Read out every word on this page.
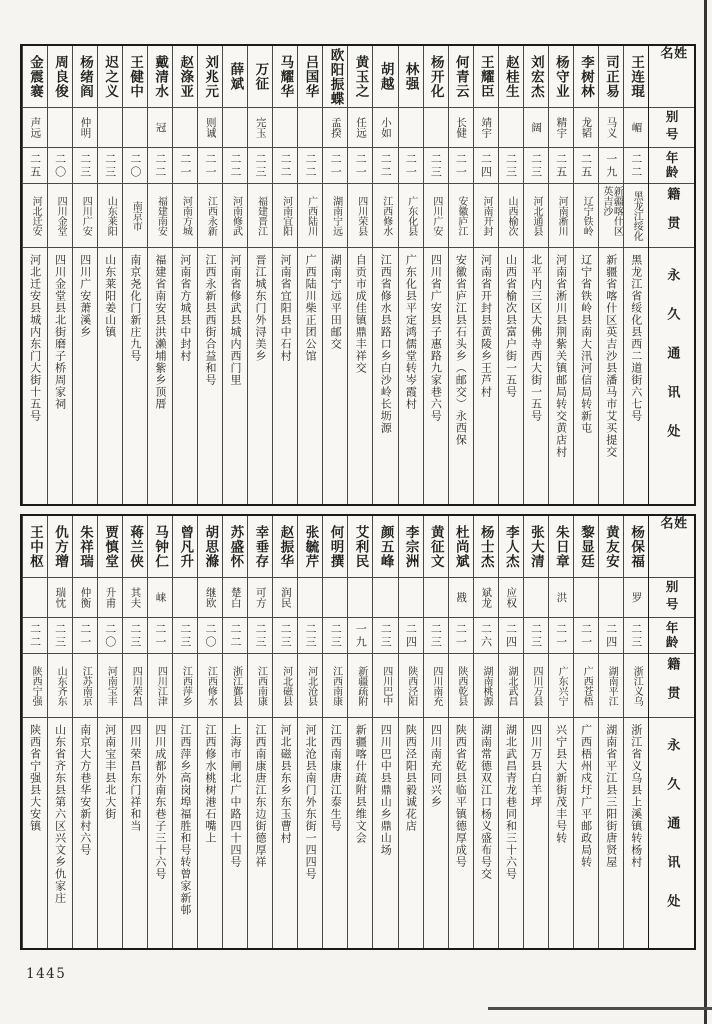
姓名
别号
年龄
籍贯
永久通讯处
王连琨
嵋
二二
黑龙江绥化
黑龙江省绥化县西二道街六七号
司正易
马义
一九
新疆喀什区英吉沙
新疆省喀什区英吉沙县潘马市艾买提交
李树林
龙韬
二五
辽宁铁岭
辽宁省铁岭县南大汛河信局转新屯
杨守业
精宇
二五
河南淅川
河南省淅川县荆紫关镇邮局转交黄店村
刘宏杰
阔
二三
河北通县
北平内三区大佛寺西大街一五号
赵桂生
二三
山西榆次
山西省榆次县富户街一五号
王耀臣
靖宇
二四
河南开封
河南省开封县黄陵乡王芦村
何青云
长健
二一
安徽庐江
安徽省庐江县石头乡（邮交）永西保
杨开化
二三
四川广安
四川省广安县子惠路九家巷六号
林强
二一
广东化县
广东化县平定鸿儒堂转岑霞村
胡越
小如
二二
江西修水
江西省修水县路口乡白沙岭长坜源
黄玉之
任远
二一
四川荣县
自贡市成佳镇鼎丰祥交
欧阳振蝶
孟揆
二一
湖南宁远
湖南宁远平田邮交
吕国华
二二
广西陆川
广西陆川柴正团公馆
马耀华
二二
河南宜阳
河南省宜阳县中石村
万征
完玉
二三
福建晋江
晋江城东门外浔美乡
薛斌
二二
河南修武
河南省修武县城内西门里
刘兆元
则诚
二一
江西永新
江西永新县西街合益和号
赵涤亚
二一
河南方城
河南省方城县中封村
戴清水
冠
二二
福建南安
福建省南安县洪濑埔紫乡顶厝
王健中
二〇
南京市
南京尧化门新庄九号
迟之义
二三
山东莱阳
山东莱阳姜山镇
杨绪阎
仲明
二三
四川广安
四川广安萧溪乡
周良俊
二〇
四川金堂
四川金堂县北街磨子桥周家祠
金震褰
声远
二五
河北迁安
河北迁安县城内东门大街十五号
姓名
别号
年龄
籍贯
永久通讯处
杨保福
罗
二三
浙江义乌
浙江省义乌县上溪镇转杨村
黄友安
二四
湖南平江
湖南省平江县三阳街唐贤屋
黎显廷
二一
广西苍梧
广西梧州戍圩广平邮政局转
朱日章
洪
二一
广东兴宁
兴宁县大新街茂丰号转
张大清
二三
四川万县
四川万县白羊坪
李人杰
应权
二四
湖北武昌
湖北武昌青龙巷同和三十六号
杨士杰
斌龙
二六
湖南桃源
湖南常德双江口杨义盛布号交
杜尚斌
戡
二一
陕西乾县
陕西省乾县临平镇德厚成号
黄征文
二三
四川南充
四川南充同兴乡
李宗洲
二四
陕西泾阳
陕西泾阳县毅诚花店
颜五峰
二三
四川巴中
四川巴中县鼎山乡鼎山场
艾利民
一九
新疆疏附
新疆喀什疏附县维文会
何明撰
二三
江西南康
江西南康唐江泰生号
张毓芹
二三
河北沧县
河北沧县南门外东街一四四号
赵振华
润民
二三
河北磁县
河北磁县东乡东玉曹村
幸垂存
可方
二三
江西南康
江西南康唐江东边街德厚祥
苏盛怀
楚白
二二
浙江鄞县
上海市闸北广中路四十四号
胡思滌
继欧
二〇
江西修水
江西修水桃树港石嘴上
曾凡升
二三
江西萍乡
江西萍乡高岗埠福胜和号转曾家新邨
马钟仁
崃
二一
四川江津
四川成都外南东巷子三十六号
蒋兰侠
其夫
二三
四川荣昌
四川荣昌东门祥和当
贾慎堂
升甫
二〇
河南宝丰
河南宝丰县北大街
朱祥瑞
仲衡
二一
江苏南京
南京大方巷华安新村六号
仇方璔
瑞忱
二三
山东齐东
山东省齐东县第六区兴文乡仇家庄
王中枢
二二
陕西宁强
陕西省宁强县大安镇
1445
